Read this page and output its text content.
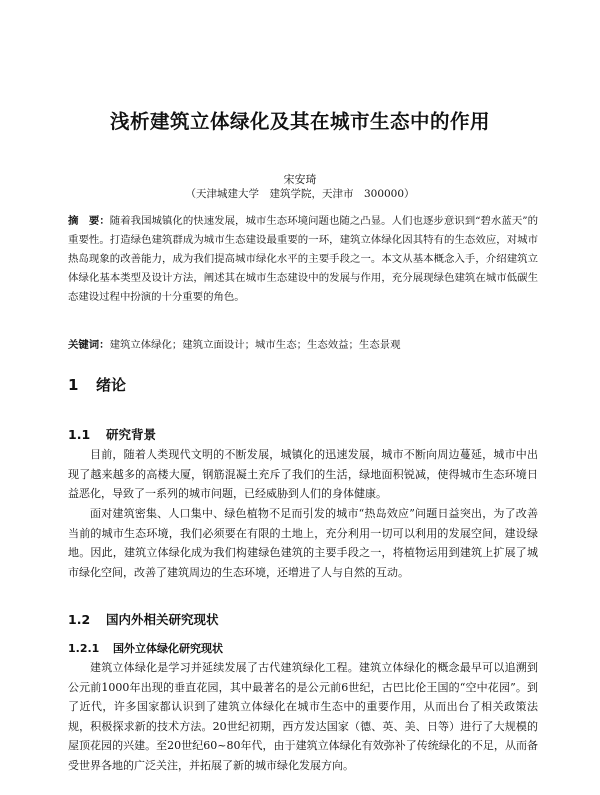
浅析建筑立体绿化及其在城市生态中的作用
宋安琦
（天津城建大学　建筑学院，天津市　300000）
摘　要：随着我国城镇化的快速发展，城市生态环境问题也随之凸显。人们也逐步意识到“碧水蓝天”的重要性。打造绿色建筑群成为城市生态建设最重要的一环，建筑立体绿化因其特有的生态效应，对城市热岛现象的改善能力，成为我们提高城市绿化水平的主要手段之一。本文从基本概念入手，介绍建筑立体绿化基本类型及设计方法，阐述其在城市生态建设中的发展与作用，充分展现绿色建筑在城市低碳生态建设过程中扮演的十分重要的角色。
关键词：建筑立体绿化；建筑立面设计；城市生态；生态效益；生态景观
1 绪论
1.1 研究背景

目前，随着人类现代文明的不断发展，城镇化的迅速发展，城市不断向周边蔓延，城市中出现了越来越多的高楼大厦，钢筋混凝土充斥了我们的生活，绿地面积锐减，使得城市生态环境日益恶化，导致了一系列的城市问题，已经威胁到人们的身体健康。

面对建筑密集、人口集中、绿色植物不足而引发的城市“热岛效应”问题日益突出，为了改善当前的城市生态环境，我们必须要在有限的土地上，充分利用一切可以利用的发展空间，建设绿地。因此，建筑立体绿化成为我们构建绿色建筑的主要手段之一，将植物运用到建筑上扩展了城市绿化空间，改善了建筑周边的生态环境，还增进了人与自然的互动。

1.2 国内外相关研究现状
1.2.1 国外立体绿化研究现状

建筑立体绿化是学习并延续发展了古代建筑绿化工程。建筑立体绿化的概念最早可以追溯到公元前1000年出现的垂直花园，其中最著名的是公元前6世纪，古巴比伦王国的“空中花园”。到了近代，许多国家都认识到了建筑立体绿化在城市生态中的重要作用，从而出台了相关政策法规，积极探求新的技术方法。20世纪初期，西方发达国家（德、英、美、日等）进行了大规模的屋顶花园的兴建。至20世纪60~80年代，由于建筑立体绿化有效弥补了传统绿化的不足，从而备受世界各地的广泛关注，并拓展了新的城市绿化发展方向。
